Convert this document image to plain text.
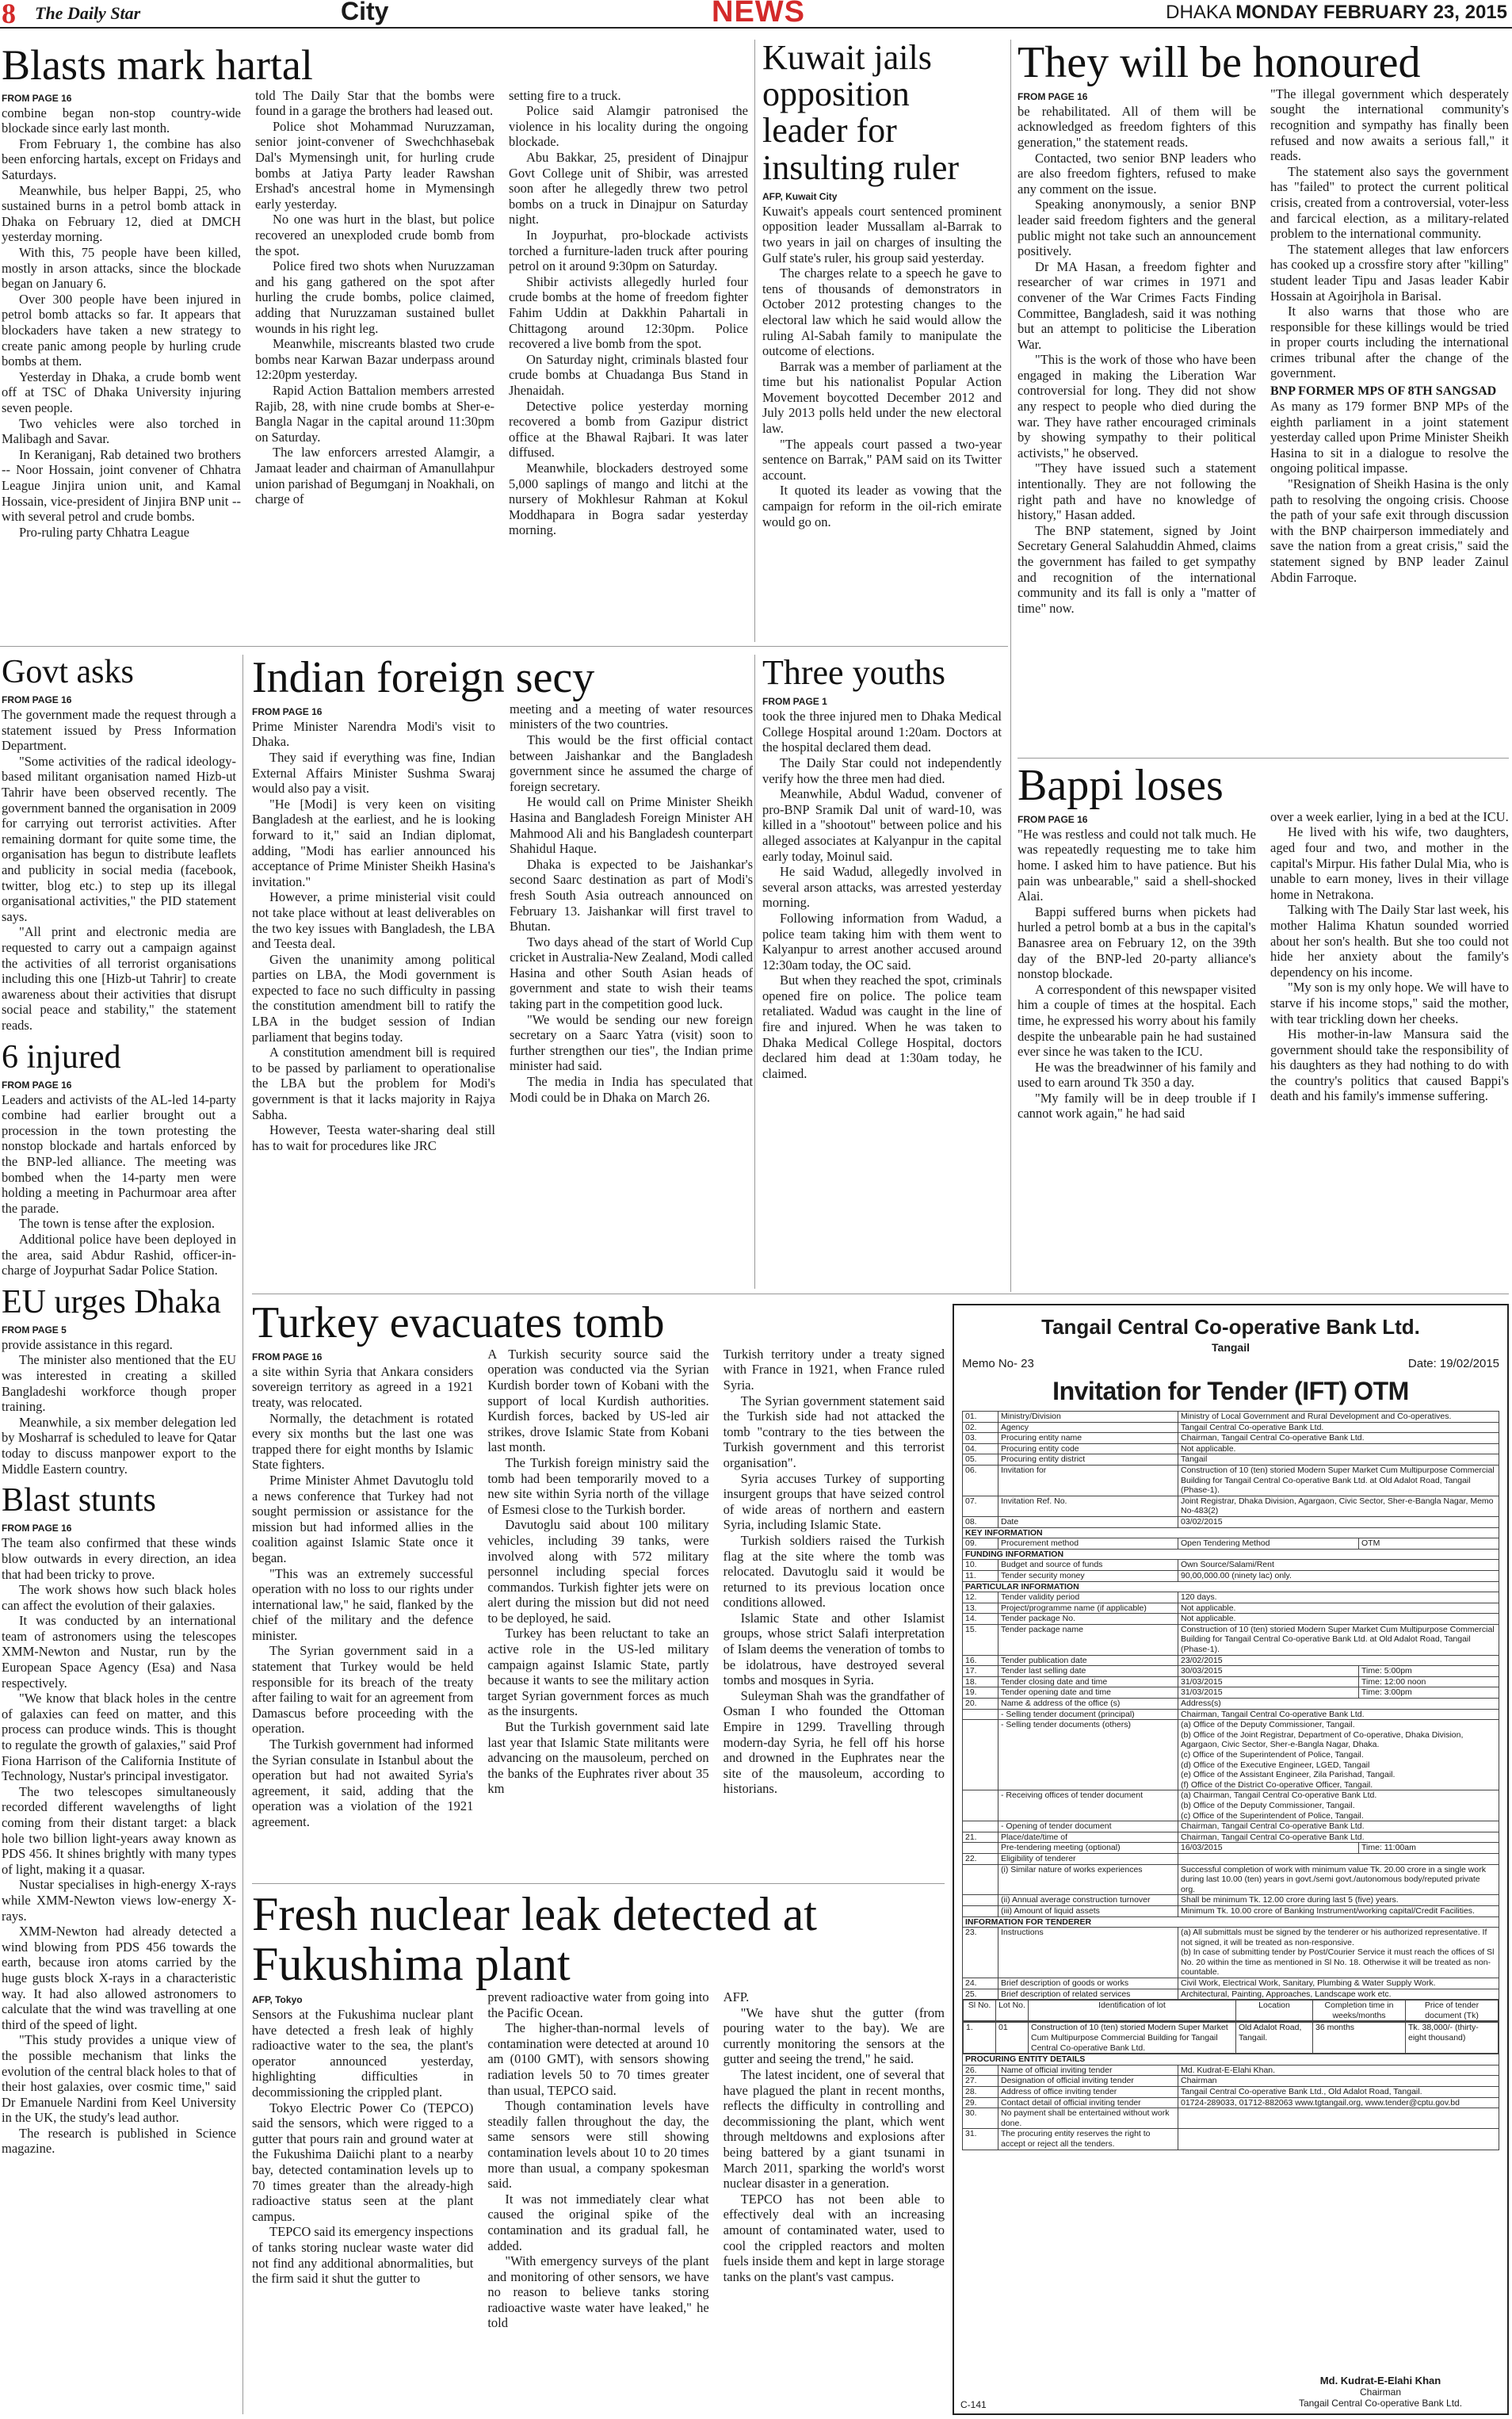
8 The Daily Star	City	NEWS	DHAKA MONDAY FEBRUARY 23, 2015
Blasts mark hartal
FROM PAGE 16

combine began non-stop country-wide blockade since early last month.

From February 1, the combine has also been enforcing hartals, except on Fridays and Saturdays.

Meanwhile, bus helper Bappi, 25, who sustained burns in a petrol bomb attack in Dhaka on February 12, died at DMCH yesterday morning.

With this, 75 people have been killed, mostly in arson attacks, since the blockade began on January 6.

Over 300 people have been injured in petrol bomb attacks so far. It appears that blockaders have taken a new strategy to create panic among people by hurling crude bombs at them.

Yesterday in Dhaka, a crude bomb went off at TSC of Dhaka University injuring seven people.

Two vehicles were also torched in Malibagh and Savar.

In Keraniganj, Rab detained two brothers -- Noor Hossain, joint convener of Chhatra League Jinjira union unit, and Kamal Hossain, vice-president of Jinjira BNP unit -- with several petrol and crude bombs.

Pro-ruling party Chhatra League

told The Daily Star that the bombs were found in a garage the brothers had leased out.

Police shot Mohammad Nuruzzaman, senior joint-convener of Swechchhasebak Dal's Mymensingh unit, for hurling crude bombs at Jatiya Party leader Rawshan Ershad's ancestral home in Mymensingh early yesterday.

No one was hurt in the blast, but police recovered an unexploded crude bomb from the spot.

Police fired two shots when Nuruzzaman and his gang gathered on the spot after hurling the crude bombs, police claimed, adding that Nuruzzaman sustained bullet wounds in his right leg.

Meanwhile, miscreants blasted two crude bombs near Karwan Bazar underpass around 12:20pm yesterday.

Rapid Action Battalion members arrested Rajib, 28, with nine crude bombs at Sher-e-Bangla Nagar in the capital around 11:30pm on Saturday.

The law enforcers arrested Alamgir, a Jamaat leader and chairman of Amanullahpur union parishad of Begumganj in Noakhali, on charge of

setting fire to a truck.

Police said Alamgir patronised the violence in his locality during the ongoing blockade.

Abu Bakkar, 25, president of Dinajpur Govt College unit of Shibir, was arrested soon after he allegedly threw two petrol bombs on a truck in Dinajpur on Saturday night.

In Joypurhat, pro-blockade activists torched a furniture-laden truck after pouring petrol on it around 9:30pm on Saturday.

Shibir activists allegedly hurled four crude bombs at the home of freedom fighter Fahim Uddin at Dakkhin Pahartali in Chittagong around 12:30pm. Police recovered a live bomb from the spot.

On Saturday night, criminals blasted four crude bombs at Chuadanga Bus Stand in Jhenaidah.

Detective police yesterday morning recovered a bomb from Gazipur district office at the Bhawal Rajbari. It was later diffused.

Meanwhile, blockaders destroyed some 5,000 saplings of mango and litchi at the nursery of Mokhlesur Rahman at Kokul Moddhapara in Bogra sadar yesterday morning.

Kuwait jails opposition leader for insulting ruler
AFP, Kuwait City

Kuwait's appeals court sentenced prominent opposition leader Mussallam al-Barrak to two years in jail on charges of insulting the Gulf state's ruler, his group said yesterday.

The charges relate to a speech he gave to tens of thousands of demonstrators in October 2012 protesting changes to the electoral law which he said would allow the ruling Al-Sabah family to manipulate the outcome of elections.

Barrak was a member of parliament at the time but his nationalist Popular Action Movement boycotted December 2012 and July 2013 polls held under the new electoral law.

"The appeals court passed a two-year sentence on Barrak," PAM said on its Twitter account.

It quoted its leader as vowing that the campaign for reform in the oil-rich emirate would go on.

They will be honoured
FROM PAGE 16

be rehabilitated. All of them will be acknowledged as freedom fighters of this generation," the statement reads.

Contacted, two senior BNP leaders who are also freedom fighters, refused to make any comment on the issue.

Speaking anonymously, a senior BNP leader said freedom fighters and the general public might not take such an announcement positively.

Dr MA Hasan, a freedom fighter and researcher of war crimes in 1971 and convener of the War Crimes Facts Finding Committee, Bangladesh, said it was nothing but an attempt to politicise the Liberation War.

"This is the work of those who have been engaged in making the Liberation War controversial for long. They did not show any respect to people who died during the war. They have rather encouraged criminals by showing sympathy to their political activists," he observed.

"They have issued such a statement intentionally. They are not following the right path and have no knowledge of history," Hasan added.

The BNP statement, signed by Joint Secretary General Salahuddin Ahmed, claims the government has failed to get sympathy and recognition of the international community and its fall is only a "matter of time" now.

"The illegal government which desperately sought the international community's recognition and sympathy has finally been refused and now awaits a serious fall," it reads.

The statement also says the government has "failed" to protect the current political crisis, created from a controversial, voter-less and farcical election, as a military-related problem to the international community.

The statement alleges that law enforcers has cooked up a crossfire story after "killing" student leader Tipu and Jasas leader Kabir Hossain at Agoirjhola in Barisal.

It also warns that those who are responsible for these killings would be tried in proper courts including the international crimes tribunal after the change of the government.

BNP FORMER MPS OF 8TH SANGSAD

As many as 179 former BNP MPs of the eighth parliament in a joint statement yesterday called upon Prime Minister Sheikh Hasina to sit in a dialogue to resolve the ongoing political impasse.

"Resignation of Sheikh Hasina is the only path to resolving the ongoing crisis. Choose the path of your safe exit through discussion with the BNP chairperson immediately and save the nation from a great crisis," said the statement signed by BNP leader Zainul Abdin Farroque.

Govt asks
FROM PAGE 16

The government made the request through a statement issued by Press Information Department.

"Some activities of the radical ideology-based militant organisation named Hizb-ut Tahrir have been observed recently. The government banned the organisation in 2009 for carrying out terrorist activities. After remaining dormant for quite some time, the organisation has begun to distribute leaflets and publicity in social media (facebook, twitter, blog etc.) to step up its illegal organisational activities," the PID statement says.

"All print and electronic media are requested to carry out a campaign against the activities of all terrorist organisations including this one [Hizb-ut Tahrir] to create awareness about their activities that disrupt social peace and stability," the statement reads.

6 injured
FROM PAGE 16

Leaders and activists of the AL-led 14-party combine had earlier brought out a procession in the town protesting the nonstop blockade and hartals enforced by the BNP-led alliance. The meeting was bombed when the 14-party men were holding a meeting in Pachurmoar area after the parade.

The town is tense after the explosion.

Additional police have been deployed in the area, said Abdur Rashid, officer-in-charge of Joypurhat Sadar Police Station.

EU urges Dhaka
FROM PAGE 5

provide assistance in this regard.

The minister also mentioned that the EU was interested in creating a skilled Bangladeshi workforce though proper training.

Meanwhile, a six member delegation led by Mosharraf is scheduled to leave for Qatar today to discuss manpower export to the Middle Eastern country.

Blast stunts
FROM PAGE 16

The team also confirmed that these winds blow outwards in every direction, an idea that had been tricky to prove.

The work shows how such black holes can affect the evolution of their galaxies.

It was conducted by an international team of astronomers using the telescopes XMM-Newton and Nustar, run by the European Space Agency (Esa) and Nasa respectively.

"We know that black holes in the centre of galaxies can feed on matter, and this process can produce winds. This is thought to regulate the growth of galaxies," said Prof Fiona Harrison of the California Institute of Technology, Nustar's principal investigator.

The two telescopes simultaneously recorded different wavelengths of light coming from their distant target: a black hole two billion light-years away known as PDS 456. It shines brightly with many types of light, making it a quasar.

Nustar specialises in high-energy X-rays while XMM-Newton views low-energy X-rays.

XMM-Newton had already detected a wind blowing from PDS 456 towards the earth, because iron atoms carried by the huge gusts block X-rays in a characteristic way. It had also allowed astronomers to calculate that the wind was travelling at one third of the speed of light.

"This study provides a unique view of the possible mechanism that links the evolution of the central black holes to that of their host galaxies, over cosmic time," said Dr Emanuele Nardini from Keel University in the UK, the study's lead author.

The research is published in Science magazine.

Indian foreign secy
FROM PAGE 16

Prime Minister Narendra Modi's visit to Dhaka.

They said if everything was fine, Indian External Affairs Minister Sushma Swaraj would also pay a visit.

"He [Modi] is very keen on visiting Bangladesh at the earliest, and he is looking forward to it," said an Indian diplomat, adding, "Modi has earlier announced his acceptance of Prime Minister Sheikh Hasina's invitation."

However, a prime ministerial visit could not take place without at least deliverables on the two key issues with Bangladesh, the LBA and Teesta deal.

Given the unanimity among political parties on LBA, the Modi government is expected to face no such difficulty in passing the constitution amendment bill to ratify the LBA in the budget session of Indian parliament that begins today.

A constitution amendment bill is required to be passed by parliament to operationalise the LBA but the problem for Modi's government is that it lacks majority in Rajya Sabha.

However, Teesta water-sharing deal still has to wait for procedures like JRC

meeting and a meeting of water resources ministers of the two countries.

This would be the first official contact between Jaishankar and the Bangladesh government since he assumed the charge of foreign secretary.

He would call on Prime Minister Sheikh Hasina and Bangladesh Foreign Minister AH Mahmood Ali and his Bangladesh counterpart Shahidul Haque.

Dhaka is expected to be Jaishankar's second Saarc destination as part of Modi's fresh South Asia outreach announced on February 13. Jaishankar will first travel to Bhutan.

Two days ahead of the start of World Cup cricket in Australia-New Zealand, Modi called Hasina and other South Asian heads of government and state to wish their teams taking part in the competition good luck.

"We would be sending our new foreign secretary on a Saarc Yatra (visit) soon to further strengthen our ties", the Indian prime minister had said.

The media in India has speculated that Modi could be in Dhaka on March 26.

Three youths
FROM PAGE 1

took the three injured men to Dhaka Medical College Hospital around 1:20am. Doctors at the hospital declared them dead.

The Daily Star could not independently verify how the three men had died.

Meanwhile, Abdul Wadud, convener of pro-BNP Sramik Dal unit of ward-10, was killed in a "shootout" between police and his alleged associates at Kalyanpur in the capital early today, Moinul said.

He said Wadud, allegedly involved in several arson attacks, was arrested yesterday morning.

Following information from Wadud, a police team taking him with them went to Kalyanpur to arrest another accused around 12:30am today, the OC said.

But when they reached the spot, criminals opened fire on police. The police team retaliated. Wadud was caught in the line of fire and injured. When he was taken to Dhaka Medical College Hospital, doctors declared him dead at 1:30am today, he claimed.

Bappi loses
FROM PAGE 16

"He was restless and could not talk much. He was repeatedly requesting me to take him home. I asked him to have patience. But his pain was unbearable," said a shell-shocked Alai.

Bappi suffered burns when pickets had hurled a petrol bomb at a bus in the capital's Banasree area on February 12, on the 39th day of the BNP-led 20-party alliance's nonstop blockade.

A correspondent of this newspaper visited him a couple of times at the hospital. Each time, he expressed his worry about his family despite the unbearable pain he had sustained ever since he was taken to the ICU.

He was the breadwinner of his family and used to earn around Tk 350 a day.

"My family will be in deep trouble if I cannot work again," he had said

over a week earlier, lying in a bed at the ICU.

He lived with his wife, two daughters, aged four and two, and mother in the capital's Mirpur. His father Dulal Mia, who is unable to earn money, lives in their village home in Netrakona.

Talking with The Daily Star last week, his mother Halima Khatun sounded worried about her son's health. But she too could not hide her anxiety about the family's dependency on his income.

"My son is my only hope. We will have to starve if his income stops," said the mother, with tear trickling down her cheeks.

His mother-in-law Mansura said the government should take the responsibility of his daughters as they had nothing to do with the country's politics that caused Bappi's death and his family's immense suffering.

Turkey evacuates tomb
FROM PAGE 16

a site within Syria that Ankara considers sovereign territory as agreed in a 1921 treaty, was relocated.

Normally, the detachment is rotated every six months but the last one was trapped there for eight months by Islamic State fighters.

Prime Minister Ahmet Davutoglu told a news conference that Turkey had not sought permission or assistance for the mission but had informed allies in the coalition against Islamic State once it began.

"This was an extremely successful operation with no loss to our rights under international law," he said, flanked by the chief of the military and the defence minister.

The Syrian government said in a statement that Turkey would be held responsible for its breach of the treaty after failing to wait for an agreement from Damascus before proceeding with the operation.

The Turkish government had informed the Syrian consulate in Istanbul about the operation but had not awaited Syria's agreement, it said, adding that the operation was a violation of the 1921 agreement.

A Turkish security source said the operation was conducted via the Syrian Kurdish border town of Kobani with the support of local Kurdish authorities. Kurdish forces, backed by US-led air strikes, drove Islamic State from Kobani last month.

The Turkish foreign ministry said the tomb had been temporarily moved to a new site within Syria north of the village of Esmesi close to the Turkish border.

Davutoglu said about 100 military vehicles, including 39 tanks, were involved along with 572 military personnel including special forces commandos. Turkish fighter jets were on alert during the mission but did not need to be deployed, he said.

Turkey has been reluctant to take an active role in the US-led military campaign against Islamic State, partly because it wants to see the military action target Syrian government forces as much as the insurgents.

But the Turkish government said late last year that Islamic State militants were advancing on the mausoleum, perched on the banks of the Euphrates river about 35 km

Turkish territory under a treaty signed with France in 1921, when France ruled Syria.

The Syrian government statement said the Turkish side had not attacked the tomb "contrary to the ties between the Turkish government and this terrorist organisation".

Syria accuses Turkey of supporting insurgent groups that have seized control of wide areas of northern and eastern Syria, including Islamic State.

Turkish soldiers raised the Turkish flag at the site where the tomb was relocated. Davutoglu said it would be returned to its previous location once conditions allowed.

Islamic State and other Islamist groups, whose strict Salafi interpretation of Islam deems the veneration of tombs to be idolatrous, have destroyed several tombs and mosques in Syria.

Suleyman Shah was the grandfather of Osman I who founded the Ottoman Empire in 1299. Travelling through modern-day Syria, he fell off his horse and drowned in the Euphrates near the site of the mausoleum, according to historians.

Fresh nuclear leak detected at Fukushima plant
AFP, Tokyo

Sensors at the Fukushima nuclear plant have detected a fresh leak of highly radioactive water to the sea, the plant's operator announced yesterday, highlighting difficulties in decommissioning the crippled plant.

Tokyo Electric Power Co (TEPCO) said the sensors, which were rigged to a gutter that pours rain and ground water at the Fukushima Daiichi plant to a nearby bay, detected contamination levels up to 70 times greater than the already-high radioactive status seen at the plant campus.

TEPCO said its emergency inspections of tanks storing nuclear waste water did not find any additional abnormalities, but the firm said it shut the gutter to

prevent radioactive water from going into the Pacific Ocean.

The higher-than-normal levels of contamination were detected at around 10 am (0100 GMT), with sensors showing radiation levels 50 to 70 times greater than usual, TEPCO said.

Though contamination levels have steadily fallen throughout the day, the same sensors were still showing contamination levels about 10 to 20 times more than usual, a company spokesman said.

It was not immediately clear what caused the original spike of the contamination and its gradual fall, he added.

"With emergency surveys of the plant and monitoring of other sensors, we have no reason to believe tanks storing radioactive waste water have leaked," he told

AFP.

"We have shut the gutter (from pouring water to the bay). We are currently monitoring the sensors at the gutter and seeing the trend," he said.

The latest incident, one of several that have plagued the plant in recent months, reflects the difficulty in controlling and decommissioning the plant, which went through meltdowns and explosions after being battered by a giant tsunami in March 2011, sparking the world's worst nuclear disaster in a generation.

TEPCO has not been able to effectively deal with an increasing amount of contaminated water, used to cool the crippled reactors and molten fuels inside them and kept in large storage tanks on the plant's vast campus.

Tangail Central Co-operative Bank Ltd.
Tangail
Memo No- 23	Date: 19/02/2015
Invitation for Tender (IFT) OTM
01.	Ministry/Division	Ministry of Local Government and Rural Development and Co-operatives.
02.	Agency	Tangail Central Co-operative Bank Ltd.
03.	Procuring entity name	Chairman, Tangail Central Co-operative Bank Ltd.
04.	Procuring entity code	Not applicable.
05.	Procuring entity district	Tangail
06.	Invitation for	Construction of 10 (ten) storied Modern Super Market Cum Multipurpose Commercial Building for Tangail Central Co-operative Bank Ltd. at Old Adalot Road, Tangail (Phase-1).
07.	Invitation Ref. No.	Joint Registrar, Dhaka Division, Agargaon, Civic Sector, Sher-e-Bangla Nagar, Memo No-483(2)
08.	Date	03/02/2015
KEY INFORMATION
09.	Procurement method	Open Tendering Method	OTM
FUNDING INFORMATION
10.	Budget and source of funds	Own Source/Salami/Rent
11.	Tender security money	90,00,000.00 (ninety lac) only.
PARTICULAR INFORMATION
12.	Tender validity period	120 days.
13.	Project/programme name (if applicable)	Not applicable.
14.	Tender package No.	Not applicable.
15.	Tender package name	Construction of 10 (ten) storied Modern Super Market Cum Multipurpose Commercial Building for Tangail Central Co-operative Bank Ltd. at Old Adalot Road, Tangail (Phase-1).
16.	Tender publication date	23/02/2015
17.	Tender last selling date	30/03/2015	Time: 5:00pm
18.	Tender closing date and time	31/03/2015	Time: 12:00 noon
19.	Tender opening date and time	31/03/2015	Time: 3:00pm
20.	Name & address of the office (s)	Address(s)
	- Selling tender document (principal)	Chairman, Tangail Central Co-operative Bank Ltd.
	- Selling tender documents (others)	(a) Office of the Deputy Commissioner, Tangail.
(b) Office of the Joint Registrar, Department of Co-operative, Dhaka Division, Agargaon, Civic Sector, Sher-e-Bangla Nagar, Dhaka.
(c) Office of the Superintendent of Police, Tangail.
(d) Office of the Executive Engineer, LGED, Tangail
(e) Office of the Assistant Engineer, Zila Parishad, Tangail.
(f) Office of the District Co-operative Officer, Tangail.
	- Receiving offices of tender document	(a) Chairman, Tangail Central Co-operative Bank Ltd.
(b) Office of the Deputy Commissioner, Tangail.
(c) Office of the Superintendent of Police, Tangail.
	- Opening of tender document	Chairman, Tangail Central Co-operative Bank Ltd.
21.	Place/date/time of	Chairman, Tangail Central Co-operative Bank Ltd.
	Pre-tendering meeting (optional)	16/03/2015	Time: 11:00am
22.	Eligibility of tenderer	
	(i) Similar nature of works experiences	Successful completion of work with minimum value Tk. 20.00 crore in a single work during last 10.00 (ten) years in govt./semi govt./autonomous body/reputed private org.
	(ii) Annual average construction turnover	Shall be minimum Tk. 12.00 crore during last 5 (five) years.
	(iii) Amount of liquid assets	Minimum Tk. 10.00 crore of Banking Instrument/working capital/Credit Facilities.
INFORMATION FOR TENDERER
23.	Instructions	(a) All submittals must be signed by the tenderer or his authorized representative. If not signed, it will be treated as non-responsive.
(b) In case of submitting tender by Post/Courier Service it must reach the offices of Sl No. 20 within the time as mentioned in Sl No. 18. Otherwise it will be treated as non-countable.
24.	Brief description of goods or works	Civil Work, Electrical Work, Sanitary, Plumbing & Water Supply Work.
25.	Brief description of related services	Architectural, Painting, Approaches, Landscape work etc.

Sl No.	Lot No.	Identification of lot	Location	Completion time in weeks/months	Price of tender document (Tk)

1.	01	Construction of 10 (ten) storied Modern Super Market Cum Multipurpose Commercial Building for Tangail Central Co-operative Bank Ltd.	Old Adalot Road, Tangail.	36 months	Tk. 38,000/- (thirty-eight thousand)

PROCURING ENTITY DETAILS
26.	Name of official inviting tender	Md. Kudrat-E-Elahi Khan.
27.	Designation of official inviting tender	Chairman
28.	Address of office inviting tender	Tangail Central Co-operative Bank Ltd., Old Adalot Road, Tangail.
29.	Contact detail of official inviting tender	01724-289033, 01712-882063 www.tgtangail.org, www.tender@cptu.gov.bd
30.	No payment shall be entertained without work done.	
31.	The procuring entity reserves the right to accept or reject all the tenders.	
Md. Kudrat-E-Elahi Khan
Chairman
Tangail Central Co-operative Bank Ltd.
C-141
